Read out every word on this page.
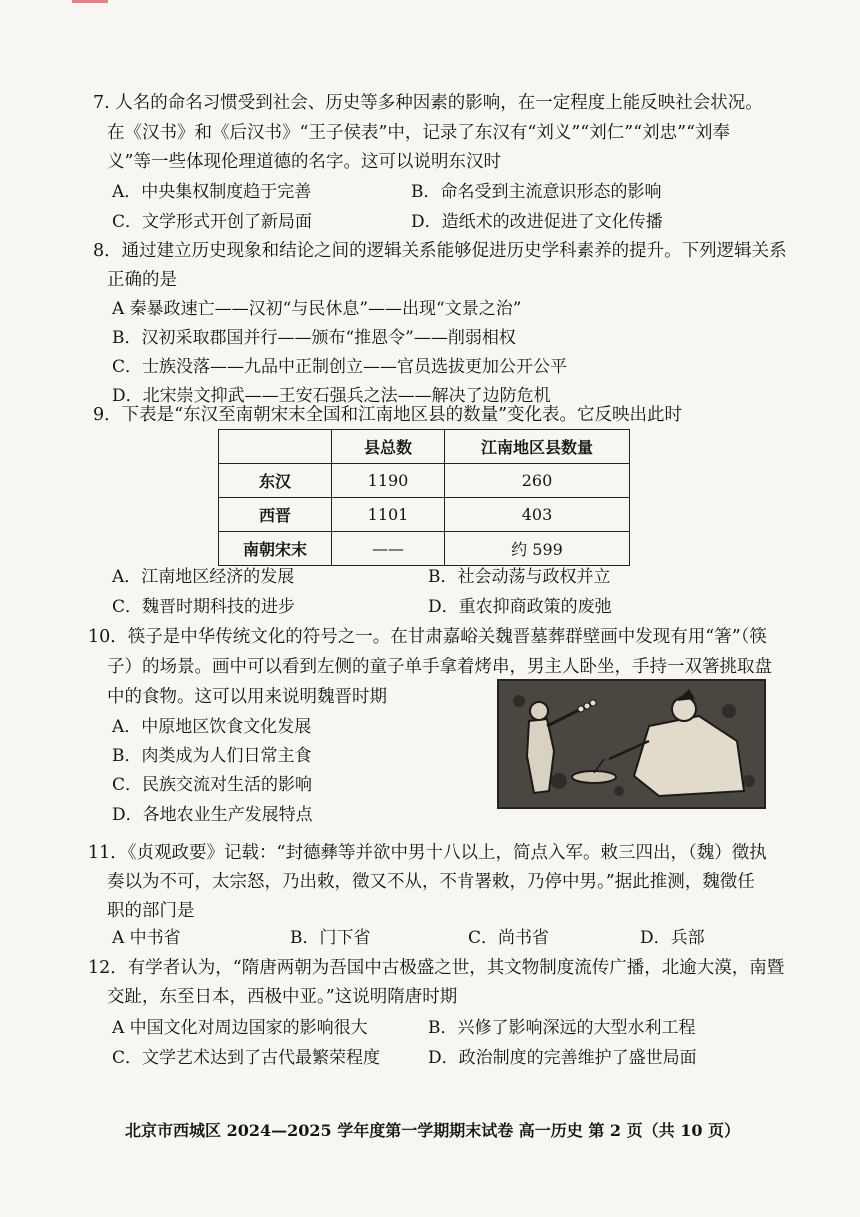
7. 人名的命名习惯受到社会、历史等多种因素的影响，在一定程度上能反映社会状况。
在《汉书》和《后汉书》“王子侯表”中，记录了东汉有“刘义”“刘仁”“刘忠”“刘奉
义”等一些体现伦理道德的名字。这可以说明东汉时
A．中央集权制度趋于完善	B．命名受到主流意识形态的影响
C．文学形式开创了新局面	D．造纸术的改进促进了文化传播
8．通过建立历史现象和结论之间的逻辑关系能够促进历史学科素养的提升。下列逻辑关系
正确的是
A 秦暴政速亡——汉初“与民休息”——出现“文景之治”
B．汉初采取郡国并行——颁布“推恩令”——削弱相权
C．士族没落——九品中正制创立——官员选拔更加公开公平
D．北宋崇文抑武——王安石强兵之法——解决了边防危机
9．下表是“东汉至南朝宋末全国和江南地区县的数量”变化表。它反映出此时
	县总数	江南地区县数量
东汉	1190	260
西晋	1101	403
南朝宋末	——	约 599
A．江南地区经济的发展	B．社会动荡与政权并立
C．魏晋时期科技的进步	D．重农抑商政策的废弛
10．筷子是中华传统文化的符号之一。在甘肃嘉峪关魏晋墓葬群壁画中发现有用“箸”（筷
子）的场景。画中可以看到左侧的童子单手拿着烤串，男主人卧坐，手持一双箸挑取盘
中的食物。这可以用来说明魏晋时期
A．中原地区饮食文化发展
B．肉类成为人们日常主食
C．民族交流对生活的影响
D．各地农业生产发展特点
11．《贞观政要》记载：“封德彝等并欲中男十八以上，简点入军。敕三四出，（魏）徵执
奏以为不可，太宗怒，乃出敕，徵又不从，不肯署敕，乃停中男。”据此推测，魏徵任
职的部门是
A 中书省	B．门下省	C．尚书省	D．兵部
12．有学者认为，“隋唐两朝为吾国中古极盛之世，其文物制度流传广播，北逾大漠，南暨
交趾，东至日本，西极中亚。”这说明隋唐时期
A 中国文化对周边国家的影响很大	B．兴修了影响深远的大型水利工程
C．文学艺术达到了古代最繁荣程度	D．政治制度的完善维护了盛世局面
北京市西城区 2024—2025 学年度第一学期期末试卷 高一历史 第 2 页（共 10 页）
